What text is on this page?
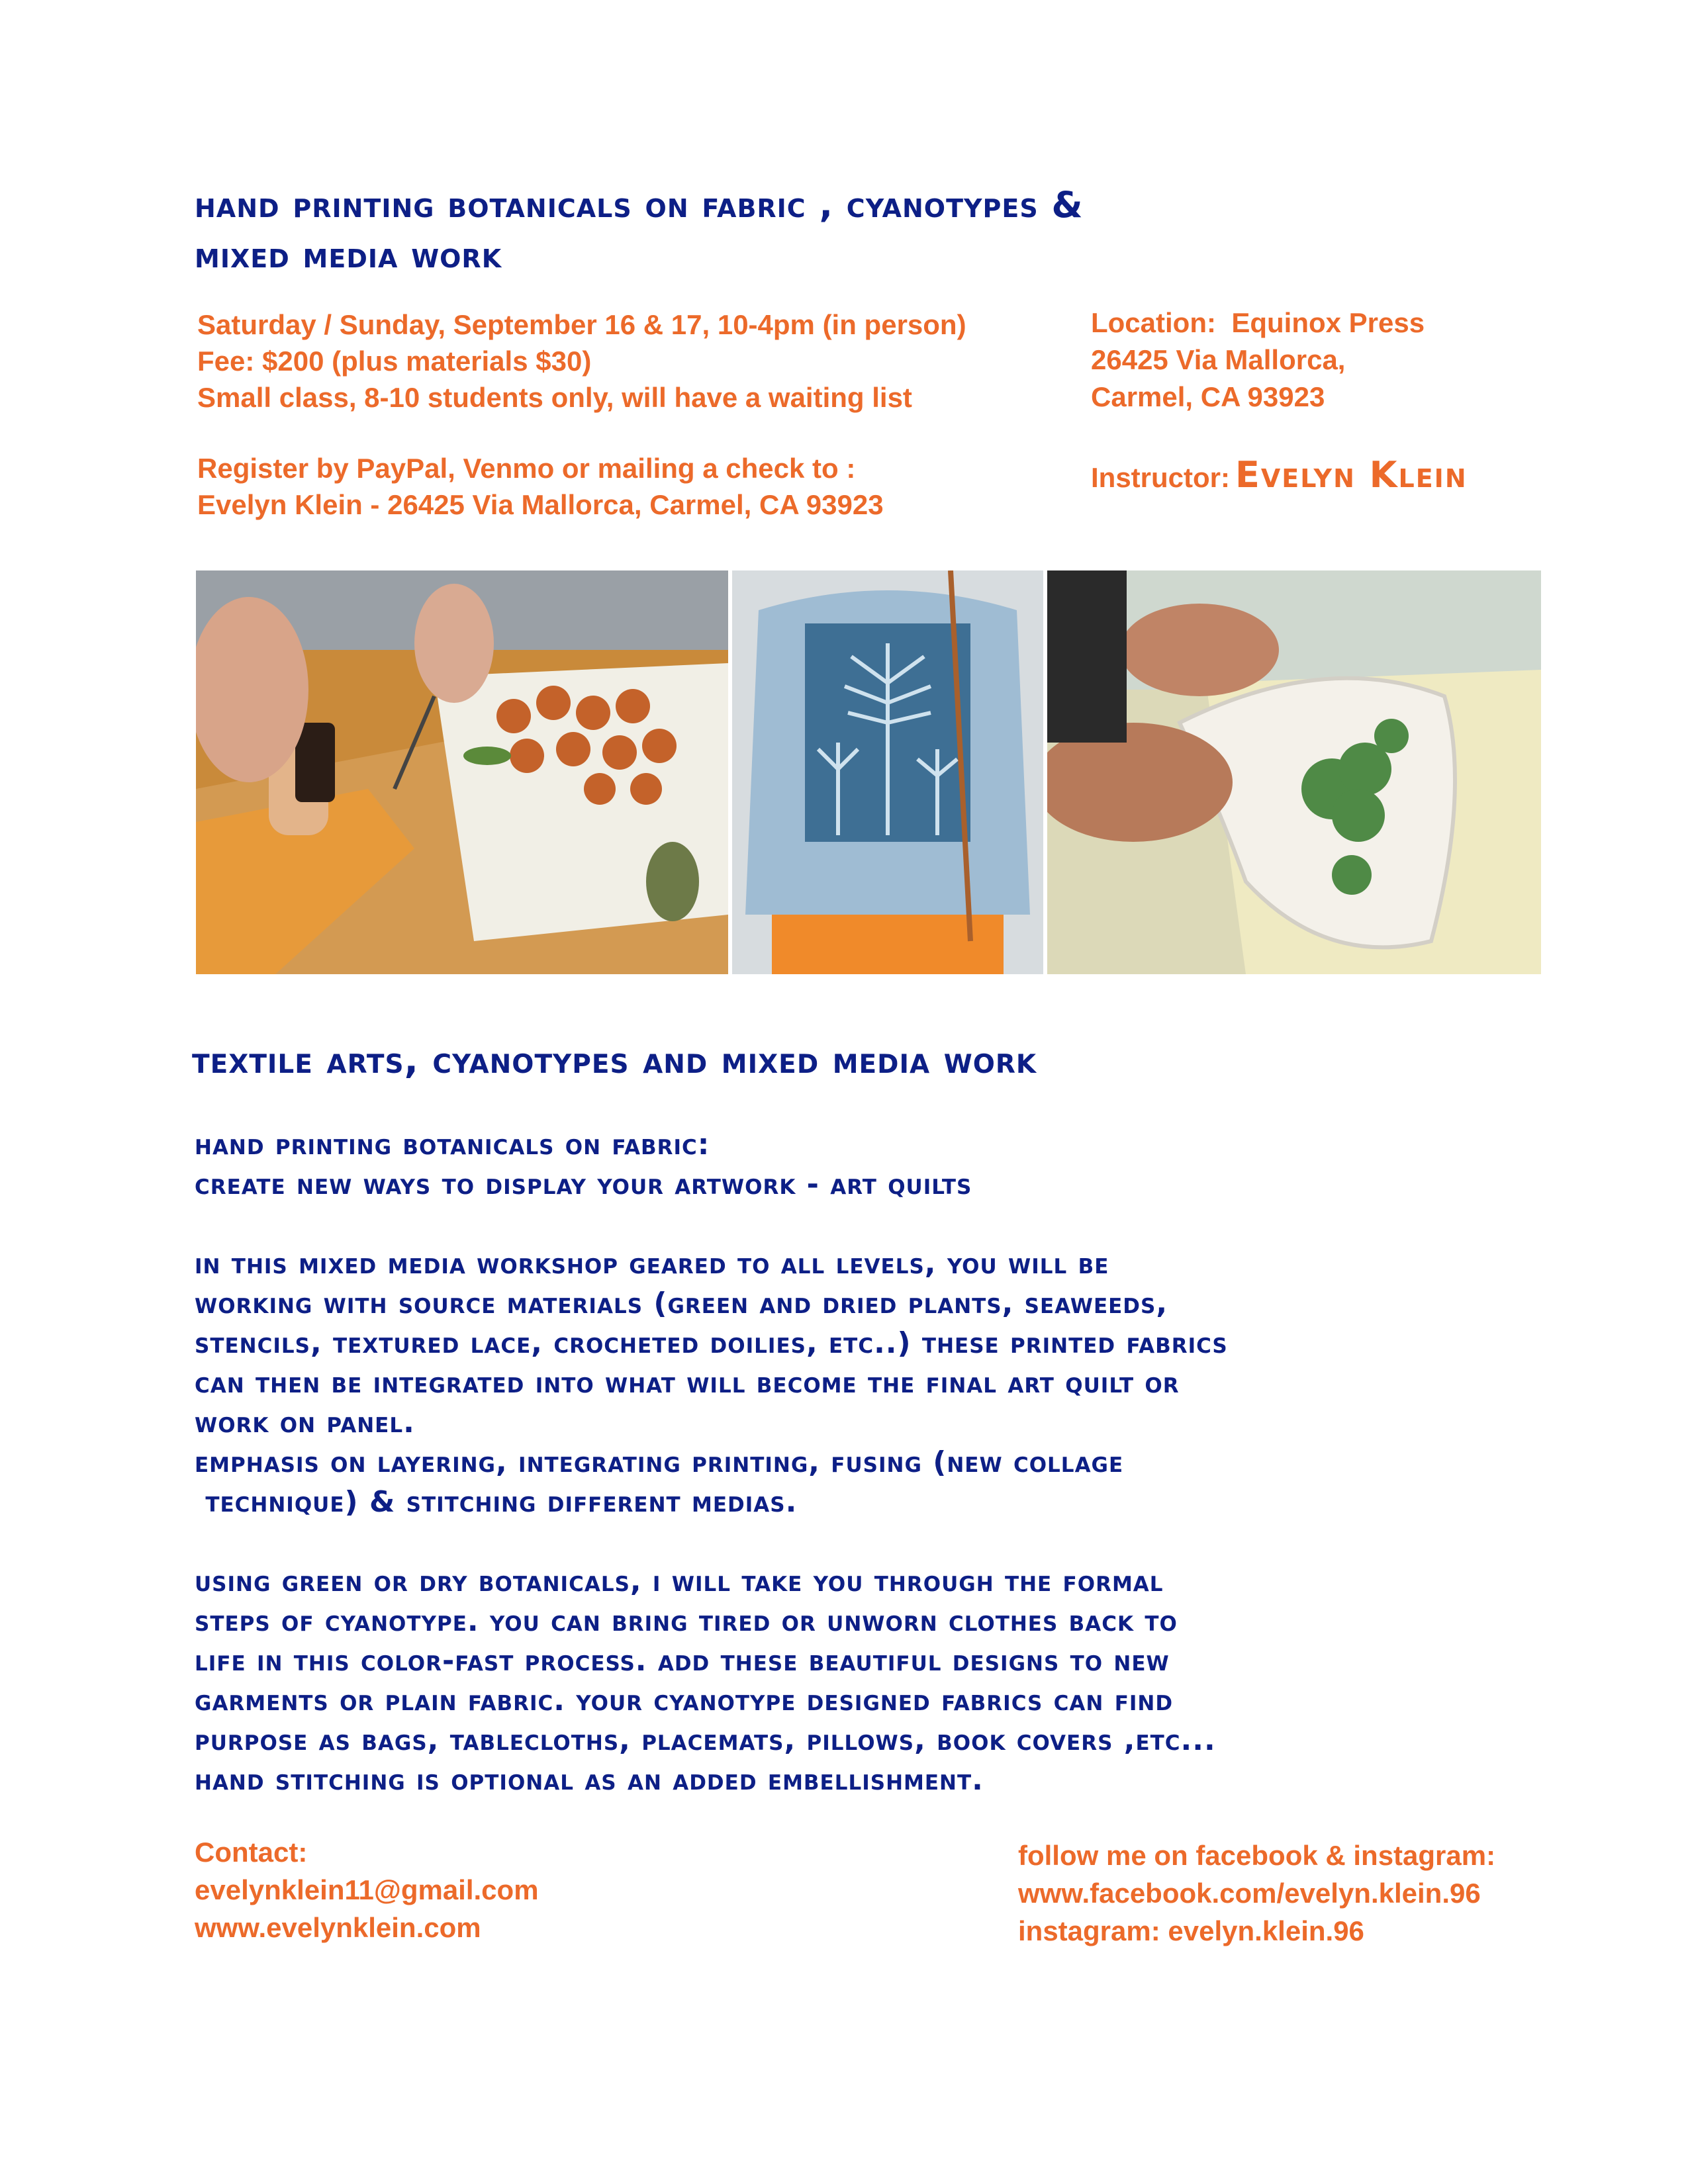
hand printing botanicals on fabric , cyanotypes &
mixed media work

Saturday / Sunday, September 16 & 17, 10-4pm (in person)

Fee: $200 (plus materials $30)

Small class, 8-10 students only, will have a waiting list

Register by PayPal, Venmo or mailing a check to :
Evelyn Klein - 26425 Via Mallorca, Carmel, CA 93923

Location: Equinox Press

26425 Via Mallorca,

Carmel, CA 93923

Instructor: Evelyn Klein
textile arts, cyanotypes and mixed media work

hand printing botanicals on fabric:
create new ways to display your artwork - art quilts

in this mixed media workshop geared to all levels, you will be
working with source materials (green and dried plants, seaweeds,
stencils, textured lace, crocheted doilies, etc..) these printed fabrics
can then be integrated into what will become the final art quilt or
work on panel.
emphasis on layering, integrating printing, fusing (new collage
technique) & stitching different medias.

using green or dry botanicals, i will take you through the formal
steps of cyanotype. you can bring tired or unworn clothes back to
life in this color-fast process. add these beautiful designs to new
garments or plain fabric. your cyanotype designed fabrics can find
purpose as bags, tablecloths, placemats, pillows, book covers ,etc...
hand stitching is optional as an added embellishment.

Contact:

evelynklein11@gmail.com

www.evelynklein.com

follow me on facebook & instagram:

www.facebook.com/evelyn.klein.96

instagram: evelyn.klein.96
